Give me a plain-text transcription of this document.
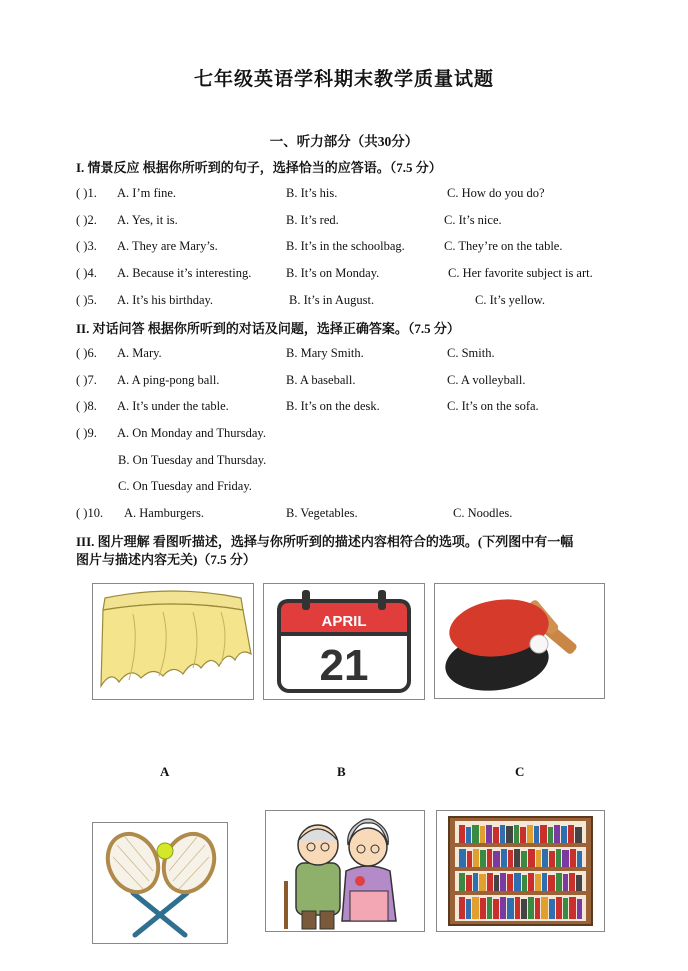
七年级英语学科期末教学质量试题
一、听力部分（共30分）
I. 情景反应 根据你所听到的句子，选择恰当的应答语。（7.5 分）
( )1. A. I’m fine.	B. It’s his.	C. How do you do?
( )2. A. Yes, it is.	B. It’s red.	C. It’s nice.
( )3. A. They are Mary’s.	B. It’s in the schoolbag.	C. They’re on the table.
( )4. A. Because it’s interesting.	B. It’s on Monday.	C. Her favorite subject is art.
( )5. A. It’s his birthday.	B. It’s in August.	C. It’s yellow.
II. 对话问答 根据你所听到的对话及问题，选择正确答案。（7.5 分）
( )6. A. Mary.	B. Mary Smith.	C. Smith.
( )7. A. A ping-pong ball.	B. A baseball.	C. A volleyball.
( )8. A. It’s under the table.	B. It’s on the desk.	C. It’s on the sofa.
( )9. A. On Monday and Thursday.
B. On Tuesday and Thursday.
C. On Tuesday and Friday.
( )10. A. Hamburgers.	B. Vegetables.	C. Noodles.
III. 图片理解 看图听描述，选择与你所听到的描述内容相符合的选项。(下列图中有一幅
图片与描述内容无关)（7.5 分）
APRIL
21
A	B	C
